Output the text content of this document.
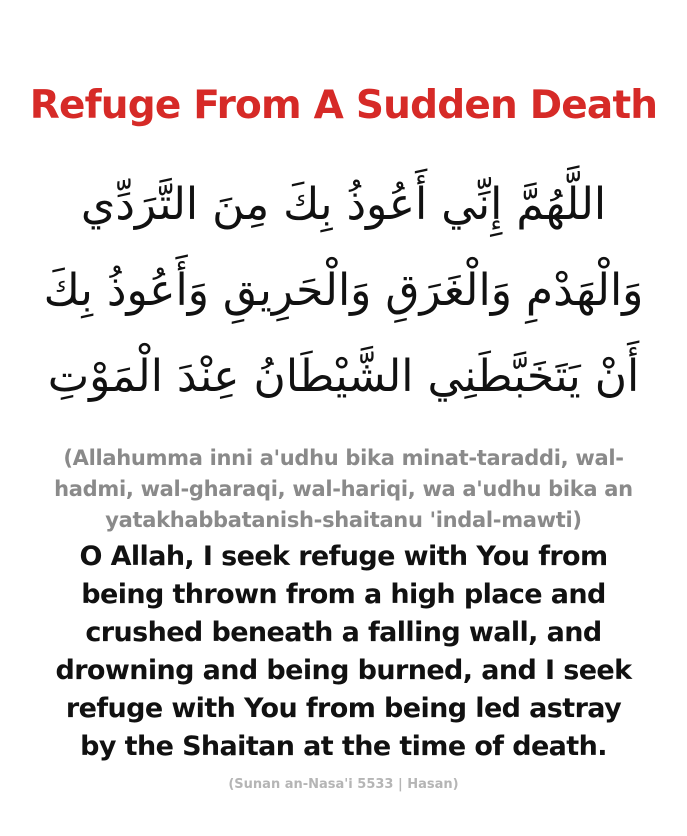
Refuge From A Sudden Death
اللَّهُمَّ إِنِّي أَعُوذُ بِكَ مِنَ التَّرَدِّي
وَالْهَدْمِ وَالْغَرَقِ وَالْحَرِيقِ وَأَعُوذُ بِكَ
أَنْ يَتَخَبَّطَنِي الشَّيْطَانُ عِنْدَ الْمَوْتِ
(Allahumma inni a'udhu bika minat-taraddi, wal-
hadmi, wal-gharaqi, wal-hariqi, wa a'udhu bika an
yatakhabbatanish-shaitanu 'indal-mawti)
O Allah, I seek refuge with You from
being thrown from a high place and
crushed beneath a falling wall, and
drowning and being burned, and I seek
refuge with You from being led astray
by the Shaitan at the time of death.
(Sunan an-Nasa'i 5533 | Hasan)
